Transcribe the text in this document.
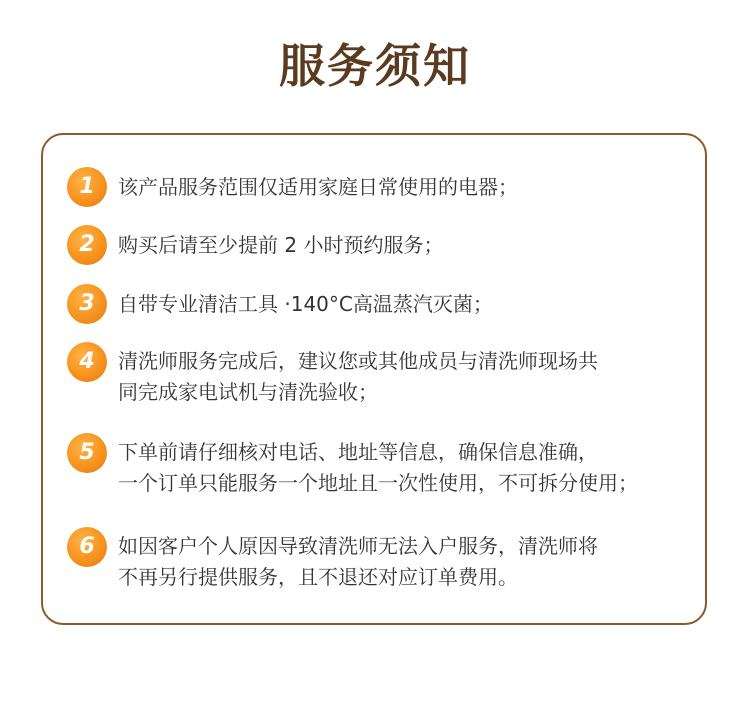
服务须知
1	该产品服务范围仅适用家庭日常使用的电器；
2	购买后请至少提前 2 小时预约服务；
3	自带专业清洁工具 ·140°C高温蒸汽灭菌；
4	清洗师服务完成后，建议您或其他成员与清洗师现场共
同完成家电试机与清洗验收；
5	下单前请仔细核对电话、地址等信息，确保信息准确，
一个订单只能服务一个地址且一次性使用，不可拆分使用；
6	如因客户个人原因导致清洗师无法入户服务，清洗师将
不再另行提供服务，且不退还对应订单费用。
